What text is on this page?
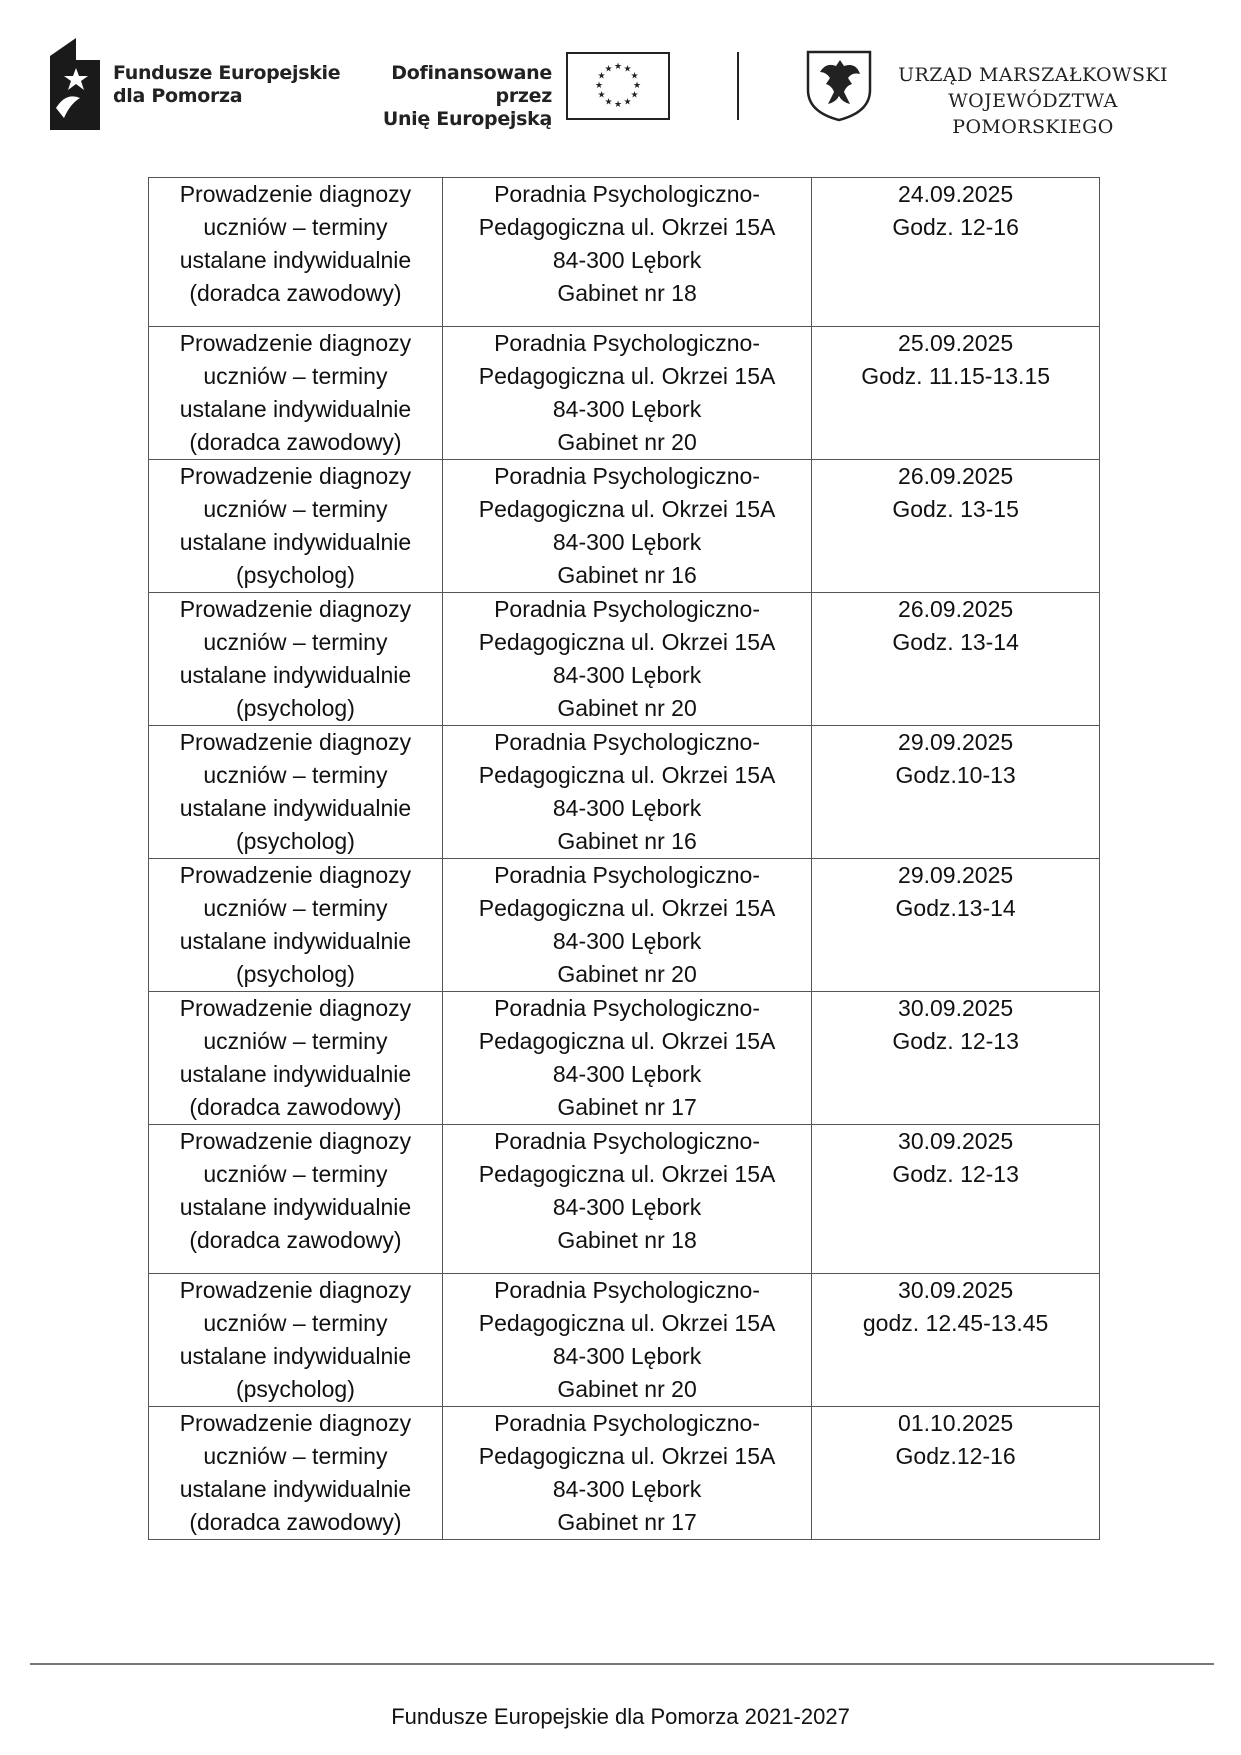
Fundusze Europejskie
dla Pomorza
Dofinansowane przez
Unię Europejską
★ ★
★
★
★
★
★
★
★
★
★
★	URZĄD MARSZAŁKOWSKI
WOJEWÓDZTWA POMORSKIEGO
Prowadzenie diagnozy
uczniów – terminy
ustalane indywidualnie
(doradca zawodowy)	Poradnia Psychologiczno-
Pedagogiczna ul. Okrzei 15A
84-300 Lębork
Gabinet nr 18	24.09.2025
Godz. 12-16

Prowadzenie diagnozy
uczniów – terminy
ustalane indywidualnie
(doradca zawodowy)	Poradnia Psychologiczno-
Pedagogiczna ul. Okrzei 15A
84-300 Lębork
Gabinet nr 20	25.09.2025
Godz. 11.15-13.15

Prowadzenie diagnozy
uczniów – terminy
ustalane indywidualnie
(psycholog)	Poradnia Psychologiczno-
Pedagogiczna ul. Okrzei 15A
84-300 Lębork
Gabinet nr 16	26.09.2025
Godz. 13-15

Prowadzenie diagnozy
uczniów – terminy
ustalane indywidualnie
(psycholog)	Poradnia Psychologiczno-
Pedagogiczna ul. Okrzei 15A
84-300 Lębork
Gabinet nr 20	26.09.2025
Godz. 13-14

Prowadzenie diagnozy
uczniów – terminy
ustalane indywidualnie
(psycholog)	Poradnia Psychologiczno-
Pedagogiczna ul. Okrzei 15A
84-300 Lębork
Gabinet nr 16	29.09.2025
Godz.10-13

Prowadzenie diagnozy
uczniów – terminy
ustalane indywidualnie
(psycholog)	Poradnia Psychologiczno-
Pedagogiczna ul. Okrzei 15A
84-300 Lębork
Gabinet nr 20	29.09.2025
Godz.13-14

Prowadzenie diagnozy
uczniów – terminy
ustalane indywidualnie
(doradca zawodowy)	Poradnia Psychologiczno-
Pedagogiczna ul. Okrzei 15A
84-300 Lębork
Gabinet nr 17	30.09.2025
Godz. 12-13

Prowadzenie diagnozy
uczniów – terminy
ustalane indywidualnie
(doradca zawodowy)	Poradnia Psychologiczno-
Pedagogiczna ul. Okrzei 15A
84-300 Lębork
Gabinet nr 18	30.09.2025
Godz. 12-13

Prowadzenie diagnozy
uczniów – terminy
ustalane indywidualnie
(psycholog)	Poradnia Psychologiczno-
Pedagogiczna ul. Okrzei 15A
84-300 Lębork
Gabinet nr 20	30.09.2025
godz. 12.45-13.45

Prowadzenie diagnozy
uczniów – terminy
ustalane indywidualnie
(doradca zawodowy)	Poradnia Psychologiczno-
Pedagogiczna ul. Okrzei 15A
84-300 Lębork
Gabinet nr 17	01.10.2025
Godz.12-16
Fundusze Europejskie dla Pomorza 2021-2027
